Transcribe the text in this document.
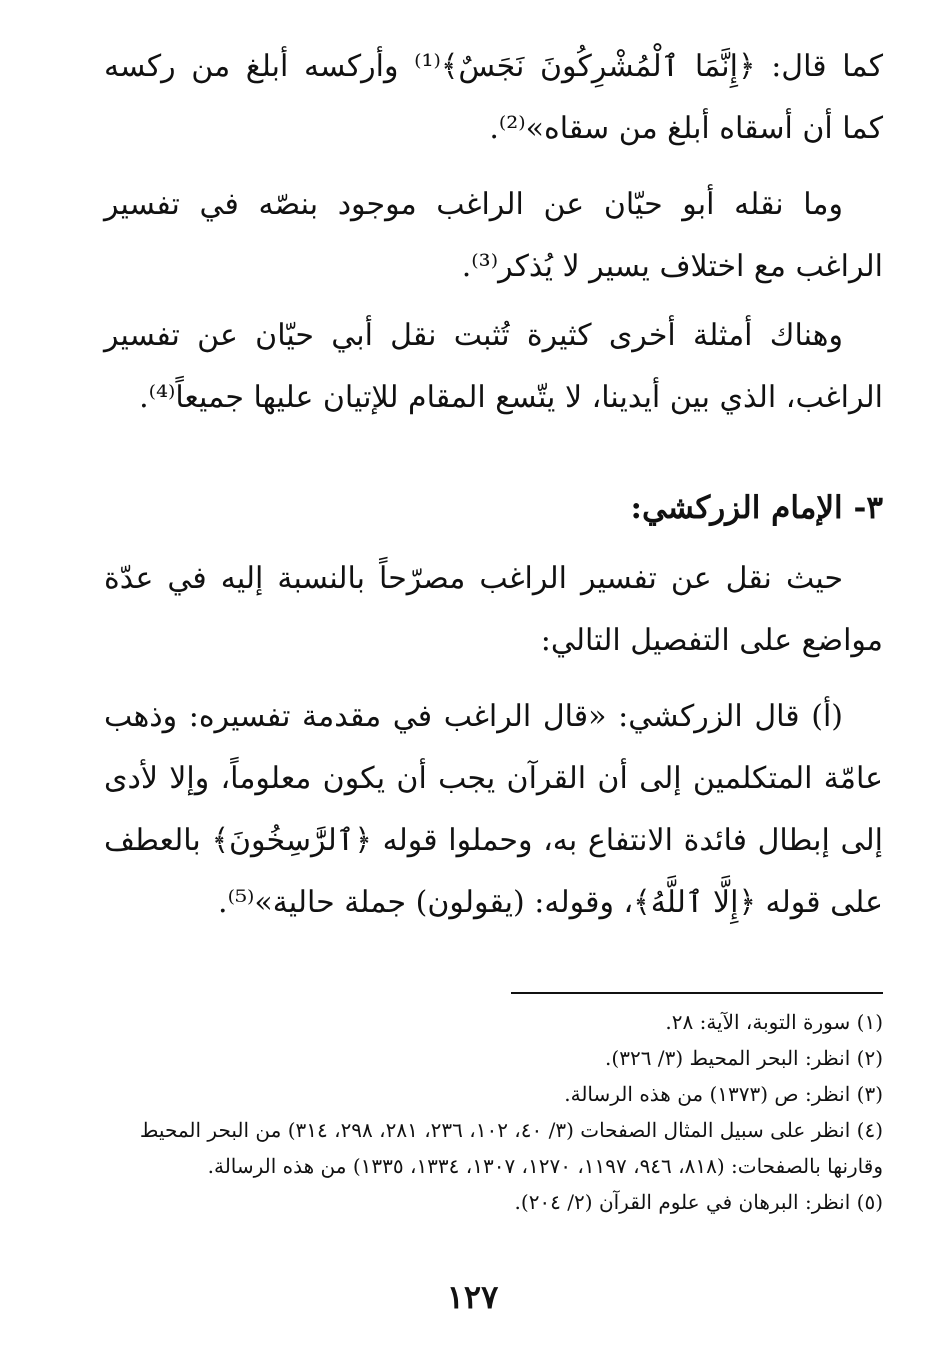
كما قال: ﴿إِنَّمَا ٱلْمُشْرِكُونَ نَجَسٌ﴾⁽¹⁾ وأركسه أبلغ من ركسه كما أن أسقاه أبلغ من سقاه»⁽²⁾.

وما نقله أبو حيّان عن الراغب موجود بنصّه في تفسير الراغب مع اختلاف يسير لا يُذكر⁽³⁾.

وهناك أمثلة أخرى كثيرة تُثبت نقل أبي حيّان عن تفسير الراغب، الذي بين أيدينا، لا يتّسع المقام للإتيان عليها جميعاً⁽⁴⁾.

٣- الإمام الزركشي:

حيث نقل عن تفسير الراغب مصرّحاً بالنسبة إليه في عدّة مواضع على التفصيل التالي:

(أ) قال الزركشي: «قال الراغب في مقدمة تفسيره: وذهب عامّة المتكلمين إلى أن القرآن يجب أن يكون معلوماً، وإلا لأدى إلى إبطال فائدة الانتفاع به، وحملوا قوله ﴿ٱلرَّٰسِخُونَ﴾ بالعطف على قوله ﴿إِلَّا ٱللَّهُ﴾، وقوله: (يقولون) جملة حالية»⁽⁵⁾.

(١) سورة التوبة، الآية: ٢٨.

(٢) انظر: البحر المحيط (٣/ ٣٢٦).

(٣) انظر: ص (١٣٧٣) من هذه الرسالة.

(٤) انظر على سبيل المثال الصفحات (٣/ ٤٠، ١٠٢، ٢٣٦، ٢٨١، ٢٩٨، ٣١٤) من البحر المحيط وقارنها بالصفحات: (٨١٨، ٩٤٦، ١١٩٧، ١٢٧٠، ١٣٠٧، ١٣٣٤، ١٣٣٥) من هذه الرسالة.

(٥) انظر: البرهان في علوم القرآن (٢/ ٢٠٤).

١٢٧
